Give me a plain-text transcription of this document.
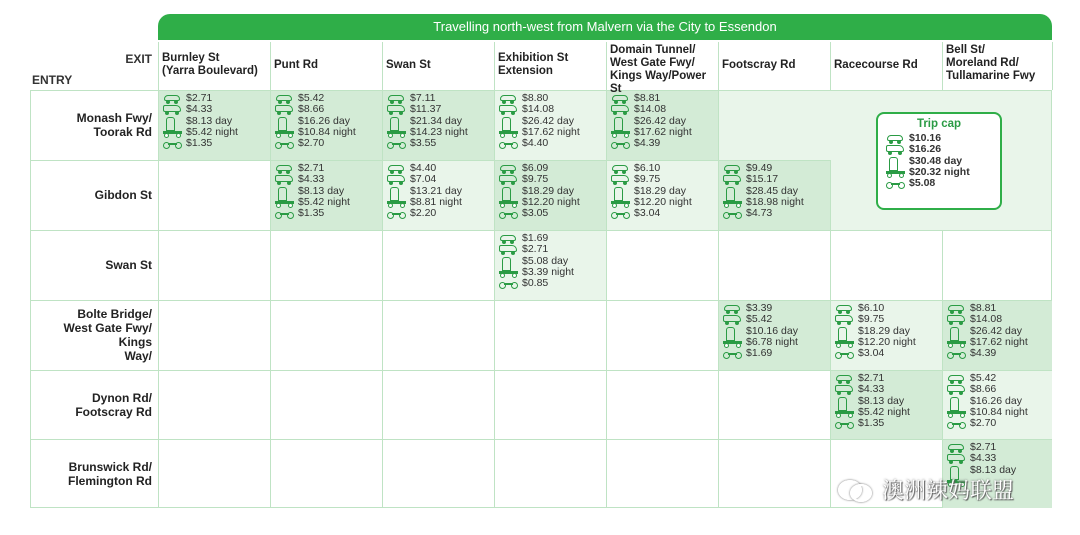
Travelling north-west from Malvern via the City to Essendon
EXIT
ENTRY
$2.71
$4.33
$8.13 day
$5.42 night
$1.35
$5.42
$8.66
$16.26 day
$10.84 night
$2.70
$7.11
$11.37
$21.34 day
$14.23 night
$3.55
$8.80
$14.08
$26.42 day
$17.62 night
$4.40
$8.81
$14.08
$26.42 day
$17.62 night
$4.39
$2.71
$4.33
$8.13 day
$5.42 night
$1.35
$4.40
$7.04
$13.21 day
$8.81 night
$2.20
$6.09
$9.75
$18.29 day
$12.20 night
$3.05
$6.10
$9.75
$18.29 day
$12.20 night
$3.04
$9.49
$15.17
$28.45 day
$18.98 night
$4.73
$1.69
$2.71
$5.08 day
$3.39 night
$0.85
$3.39
$5.42
$10.16 day
$6.78 night
$1.69
$6.10
$9.75
$18.29 day
$12.20 night
$3.04
$8.81
$14.08
$26.42 day
$17.62 night
$4.39
$2.71
$4.33
$8.13 day
$5.42 night
$1.35
$5.42
$8.66
$16.26 day
$10.84 night
$2.70
$2.71
$4.33
$8.13 day
澳洲辣妈联盟
Burnley St
(Yarra Boulevard)
Punt Rd	Swan St
Exhibition St
Extension
Domain Tunnel/
West Gate Fwy/
Kings Way/Power St
Footscray Rd	Racecourse Rd
Bell St/
Moreland Rd/
Tullamarine Fwy
Monash Fwy/
Toorak Rd
Gibdon St
Swan St
Bolte Bridge/
West Gate Fwy/ Kings
Way/
Dynon Rd/
Footscray Rd
Brunswick Rd/
Flemington Rd
Trip cap
$10.16
$16.26
$30.48 day
$20.32 night
$5.08
